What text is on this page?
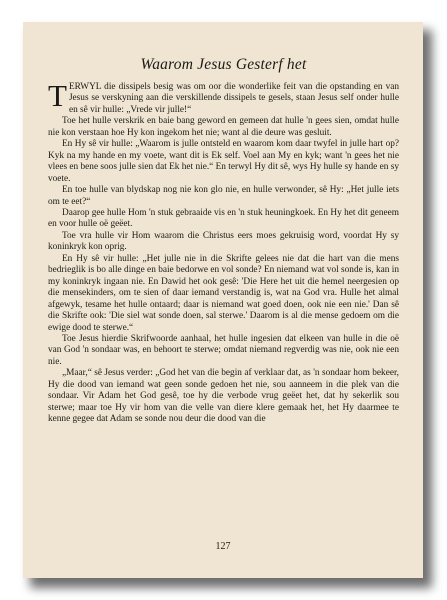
Waarom Jesus Gesterf het

TERWYL die dissipels besig was om oor die wonderlike feit van die opstanding en van Jesus se verskyning aan die verskillende dissipels te gesels, staan Jesus self onder hulle en sê vir hulle: „Vrede vir julle!“

Toe het hulle verskrik en baie bang geword en gemeen dat hulle 'n gees sien, omdat hulle nie kon verstaan hoe Hy kon ingekom het nie; want al die deure was gesluit.

En Hy sê vir hulle: „Waarom is julle ontsteld en waarom kom daar twyfel in julle hart op? Kyk na my hande en my voete, want dit is Ek self. Voel aan My en kyk; want 'n gees het nie vlees en bene soos julle sien dat Ek het nie.“ En terwyl Hy dit sê, wys Hy hulle sy hande en sy voete.

En toe hulle van blydskap nog nie kon glo nie, en hulle verwonder, sê Hy: „Het julle iets om te eet?“

Daarop gee hulle Hom 'n stuk gebraaide vis en 'n stuk heuningkoek. En Hy het dit geneem en voor hulle oë geëet.

Toe vra hulle vir Hom waarom die Christus eers moes gekruisig word, voordat Hy sy koninkryk kon oprig.

En Hy sê vir hulle: „Het julle nie in die Skrifte gelees nie dat die hart van die mens bedrieglik is bo alle dinge en baie bedorwe en vol sonde? En niemand wat vol sonde is, kan in my koninkryk ingaan nie. En Dawid het ook gesê: 'Die Here het uit die hemel neergesien op die mensekinders, om te sien of daar iemand verstandig is, wat na God vra. Hulle het almal afgewyk, tesame het hulle ontaard; daar is niemand wat goed doen, ook nie een nie.' Dan sê die Skrifte ook: 'Die siel wat sonde doen, sal sterwe.' Daarom is al die mense gedoem om die ewige dood te sterwe.“

Toe Jesus hierdie Skrifwoorde aanhaal, het hulle ingesien dat elkeen van hulle in die oë van God 'n sondaar was, en behoort te sterwe; omdat niemand regverdig was nie, ook nie een nie.

„Maar,“ sê Jesus verder: „God het van die begin af verklaar dat, as 'n sondaar hom bekeer, Hy die dood van iemand wat geen sonde gedoen het nie, sou aanneem in die plek van die sondaar. Vir Adam het God gesê, toe hy die verbode vrug geëet het, dat hy sekerlik sou sterwe; maar toe Hy vir hom van die velle van diere klere gemaak het, het Hy daarmee te kenne gegee dat Adam se sonde nou deur die dood van die

127
